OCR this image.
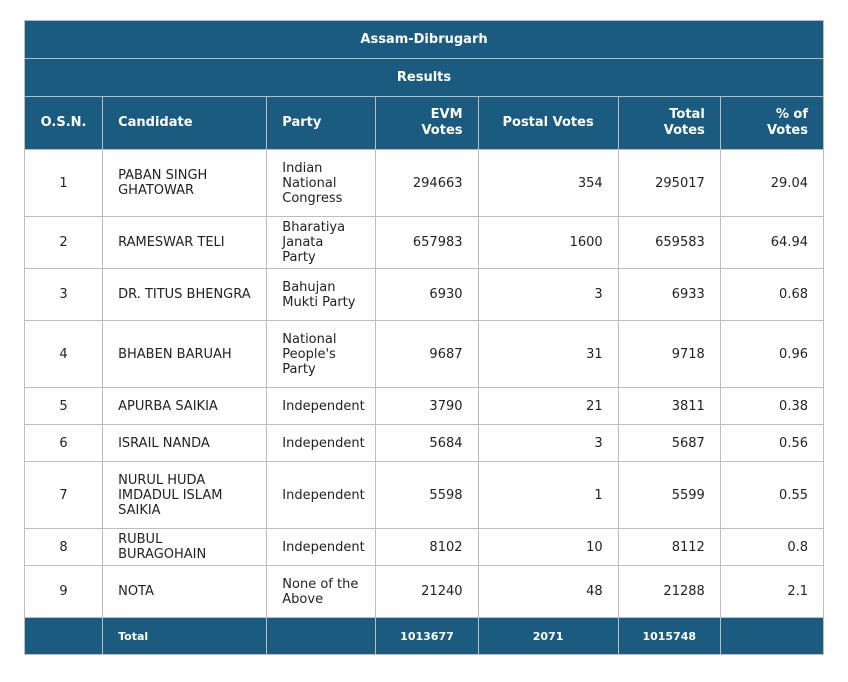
Assam-Dibrugarh						
Results						
O.S.N.	Candidate	Party	EVM Votes	Postal Votes	Total Votes	% of Votes
1	PABAN SINGH GHATOWAR	Indian National Congress	294663	354	295017	29.04
2	RAMESWAR TELI	Bharatiya Janata Party	657983	1600	659583	64.94
3	DR. TITUS BHENGRA	Bahujan Mukti Party	6930	3	6933	0.68
4	BHABEN BARUAH	National People's Party	9687	31	9718	0.96
5	APURBA SAIKIA	Independent	3790	21	3811	0.38
6	ISRAIL NANDA	Independent	5684	3	5687	0.56
7	NURUL HUDA IMDADUL ISLAM SAIKIA	Independent	5598	1	5599	0.55
8	RUBUL BURAGOHAIN	Independent	8102	10	8112	0.8
9	NOTA	None of the Above	21240	48	21288	2.1
	Total		1013677	2071	1015748	
